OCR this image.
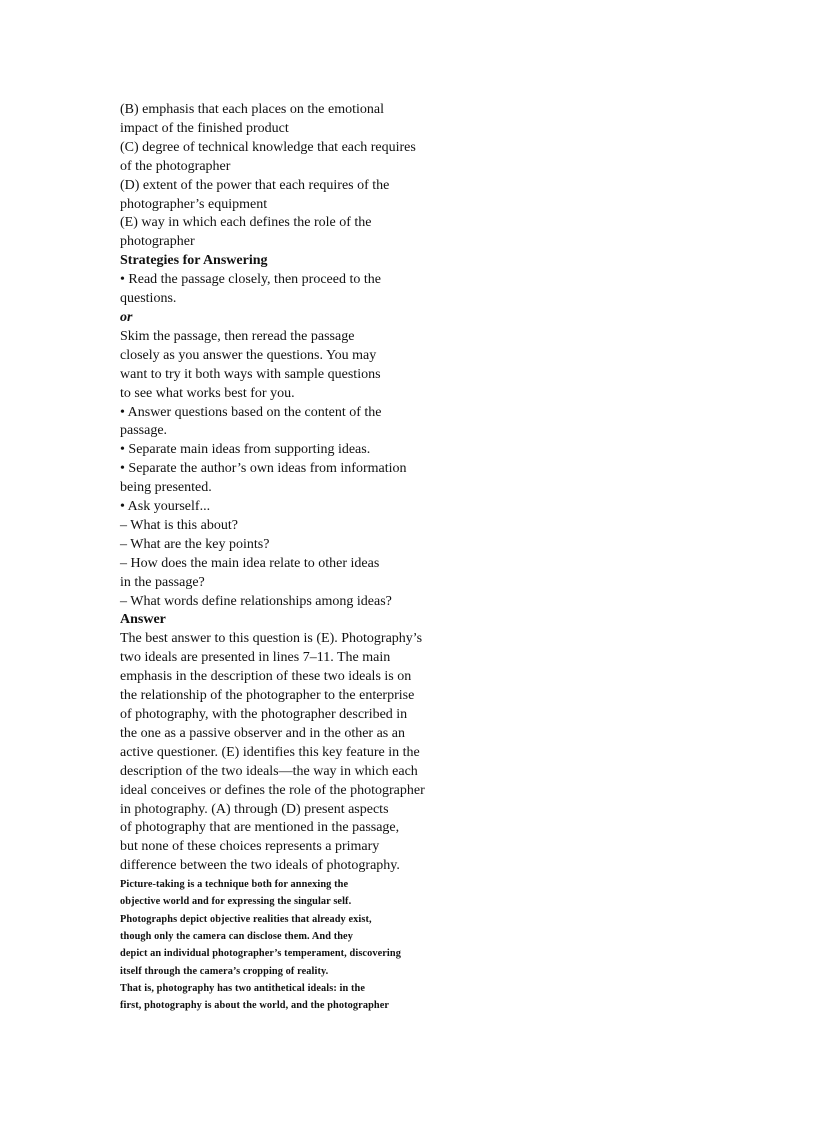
(B) emphasis that each places on the emotional
impact of the finished product
(C) degree of technical knowledge that each requires
of the photographer
(D) extent of the power that each requires of the
photographer’s equipment
(E) way in which each defines the role of the
photographer
Strategies for Answering
• Read the passage closely, then proceed to the
questions.
or
Skim the passage, then reread the passage
closely as you answer the questions. You may
want to try it both ways with sample questions
to see what works best for you.
• Answer questions based on the content of the
passage.
• Separate main ideas from supporting ideas.
• Separate the author’s own ideas from information
being presented.
• Ask yourself...
– What is this about?
– What are the key points?
– How does the main idea relate to other ideas
in the passage?
– What words define relationships among ideas?
Answer
The best answer to this question is (E). Photography’s
two ideals are presented in lines 7–11. The main
emphasis in the description of these two ideals is on
the relationship of the photographer to the enterprise
of photography, with the photographer described in
the one as a passive observer and in the other as an
active questioner. (E) identifies this key feature in the
description of the two ideals—the way in which each
ideal conceives or defines the role of the photographer
in photography. (A) through (D) present aspects
of photography that are mentioned in the passage,
but none of these choices represents a primary
difference between the two ideals of photography.
Picture-taking is a technique both for annexing the
objective world and for expressing the singular self.
Photographs depict objective realities that already exist,
though only the camera can disclose them. And they
depict an individual photographer’s temperament, discovering
itself through the camera’s cropping of reality.
That is, photography has two antithetical ideals: in the
first, photography is about the world, and the photographer
